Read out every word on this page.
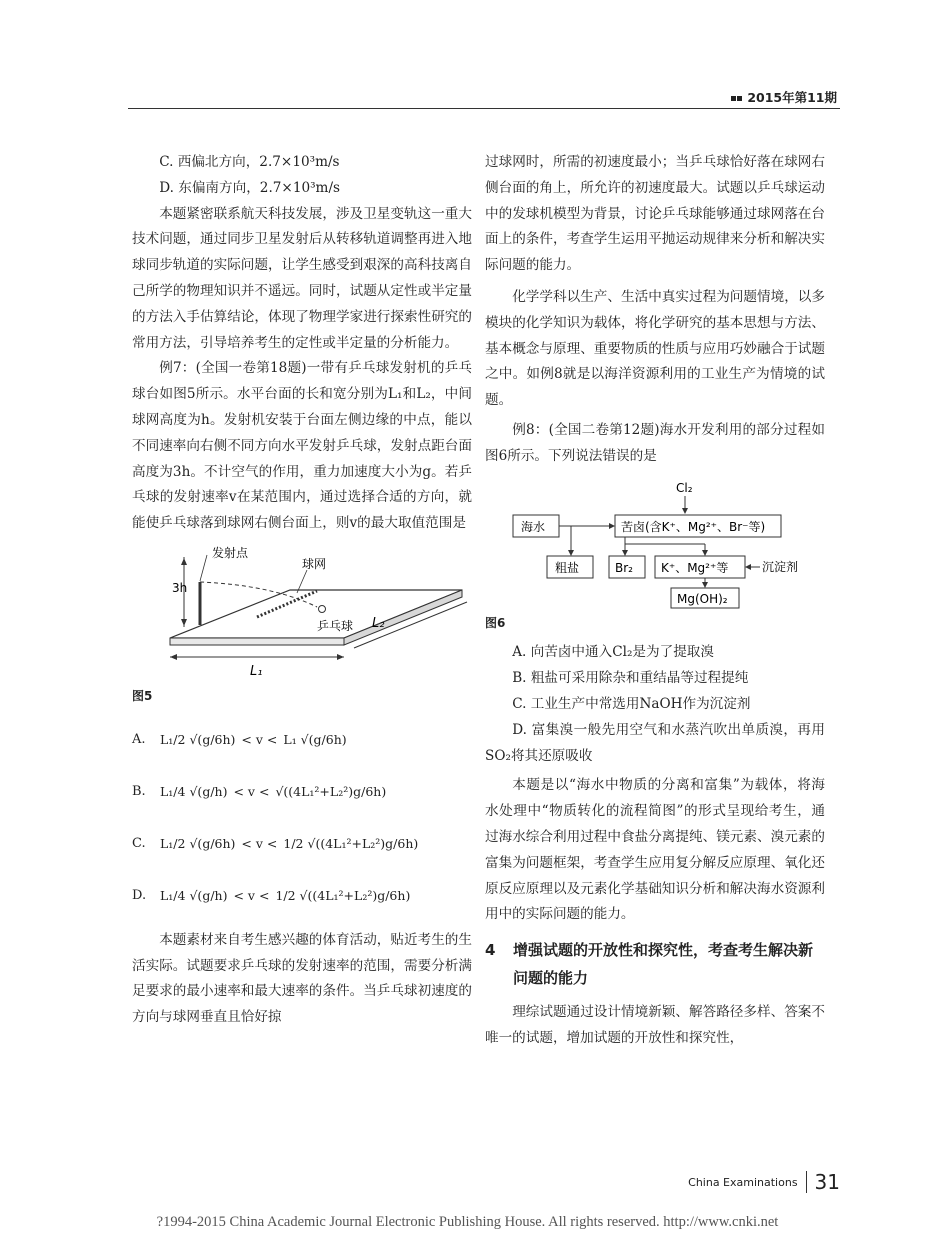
2015年第11期

C. 西偏北方向，2.7×10³m/s

D. 东偏南方向，2.7×10³m/s

本题紧密联系航天科技发展，涉及卫星变轨这一重大技术问题，通过同步卫星发射后从转移轨道调整再进入地球同步轨道的实际问题，让学生感受到艰深的高科技离自己所学的物理知识并不遥远。同时，试题从定性或半定量的方法入手估算结论，体现了物理学家进行探索性研究的常用方法，引导培养考生的定性或半定量的分析能力。

例7：(全国一卷第18题)一带有乒乓球发射机的乒乓球台如图5所示。水平台面的长和宽分别为L₁和L₂，中间球网高度为h。发射机安装于台面左侧边缘的中点，能以不同速率向右侧不同方向水平发射乒乓球，发射点距台面高度为3h。不计空气的作用，重力加速度大小为g。若乒乓球的发射速率v在某范围内，通过选择合适的方向，就能使乒乓球落到球网右侧台面上，则v的最大取值范围是

3h
发射点
球网
乒乓球
L₁
L₂

图5

A.	L₁/2 √(g/6h) < v < L₁ √(g/6h)
B.	L₁/4 √(g/h) < v < √((4L₁²+L₂²)g/6h)
C.	L₁/2 √(g/6h) < v < 1/2 √((4L₁²+L₂²)g/6h)
D.	L₁/4 √(g/h) < v < 1/2 √((4L₁²+L₂²)g/6h)

本题素材来自考生感兴趣的体育活动，贴近考生的生活实际。试题要求乒乓球的发射速率的范围，需要分析满足要求的最小速率和最大速率的条件。当乒乓球初速度的方向与球网垂直且恰好掠

过球网时，所需的初速度最小；当乒乓球恰好落在球网右侧台面的角上，所允许的初速度最大。试题以乒乓球运动中的发球机模型为背景，讨论乒乓球能够通过球网落在台面上的条件，考查学生运用平抛运动规律来分析和解决实际问题的能力。

化学学科以生产、生活中真实过程为问题情境，以多模块的化学知识为载体，将化学研究的基本思想与方法、基本概念与原理、重要物质的性质与应用巧妙融合于试题之中。如例8就是以海洋资源利用的工业生产为情境的试题。

例8：(全国二卷第12题)海水开发利用的部分过程如图6所示。下列说法错误的是

Cl₂
海水	苦卤(含K⁺、Mg²⁺、Br⁻等)
粗盐	Br₂ K⁺、Mg²⁺等	沉淀剂
Mg(OH)₂

图6

A. 向苦卤中通入Cl₂是为了提取溴

B. 粗盐可采用除杂和重结晶等过程提纯

C. 工业生产中常选用NaOH作为沉淀剂

D. 富集溴一般先用空气和水蒸汽吹出单质溴，再用SO₂将其还原吸收

本题是以“海水中物质的分离和富集”为载体，将海水处理中“物质转化的流程简图”的形式呈现给考生，通过海水综合利用过程中食盐分离提纯、镁元素、溴元素的富集为问题框架，考查学生应用复分解反应原理、氧化还原反应原理以及元素化学基础知识分析和解决海水资源利用中的实际问题的能力。

4	增强试题的开放性和探究性，考查考生解决新问题的能力

理综试题通过设计情境新颖、解答路径多样、答案不唯一的试题，增加试题的开放性和探究性，

China Examinations 31
?1994-2015 China Academic Journal Electronic Publishing House. All rights reserved. http://www.cnki.net
